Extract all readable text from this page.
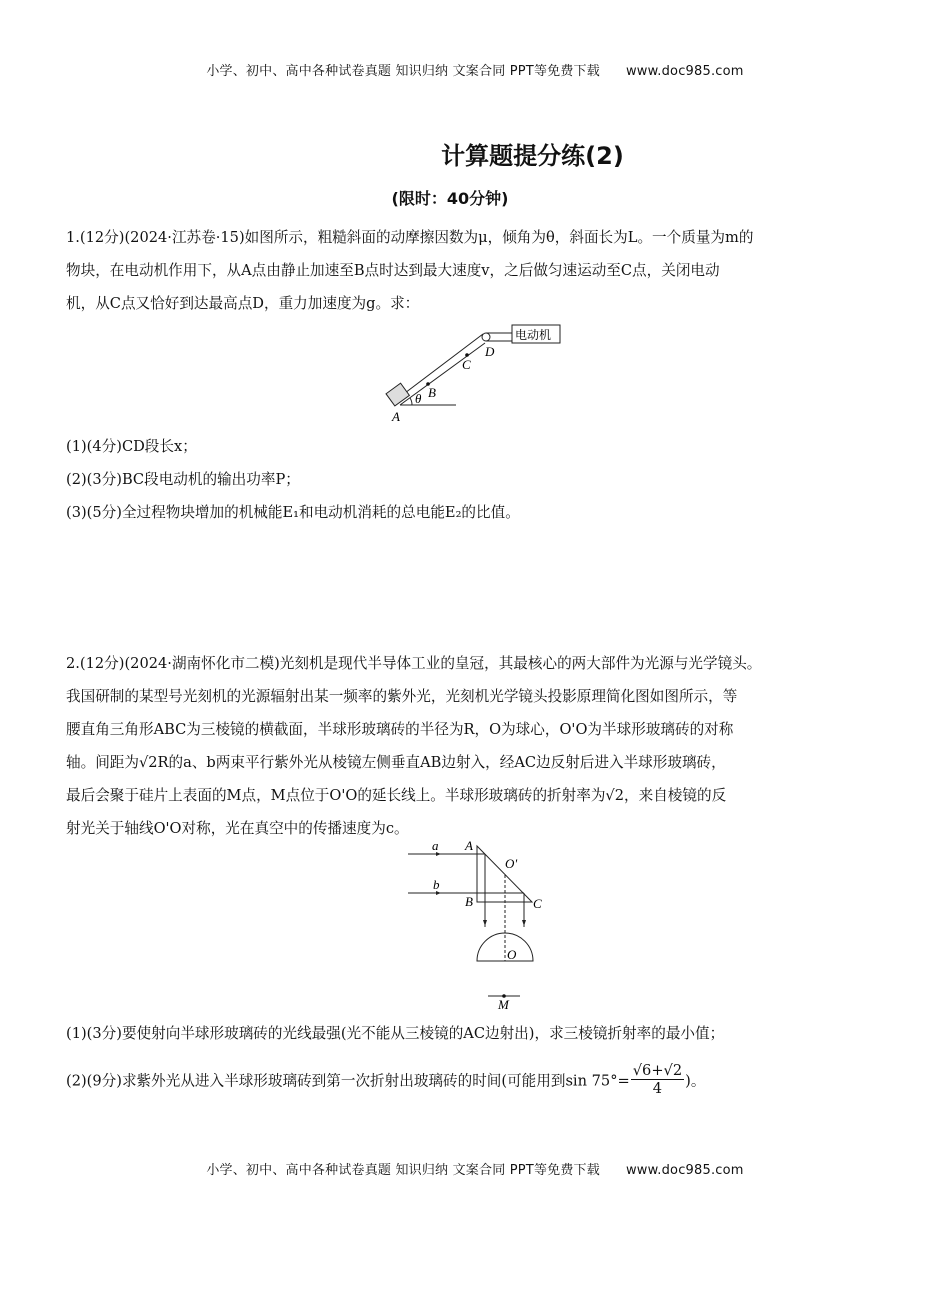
小学、初中、高中各种试卷真题 知识归纳 文案合同 PPT等免费下载 www.doc985.com
计算题提分练(2)
(限时：40分钟)
1.(12分)(2024·江苏卷·15)如图所示，粗糙斜面的动摩擦因数为μ，倾角为θ，斜面长为L。一个质量为m的
物块，在电动机作用下，从A点由静止加速至B点时达到最大速度v，之后做匀速运动至C点，关闭电动
机，从C点又恰好到达最高点D，重力加速度为g。求：
电动机
A
B
C
D
θ
(1)(4分)CD段长x；
(2)(3分)BC段电动机的输出功率P；
(3)(5分)全过程物块增加的机械能E₁和电动机消耗的总电能E₂的比值。
2.(12分)(2024·湖南怀化市二模)光刻机是现代半导体工业的皇冠，其最核心的两大部件为光源与光学镜头。
我国研制的某型号光刻机的光源辐射出某一频率的紫外光，光刻机光学镜头投影原理简化图如图所示，等
腰直角三角形ABC为三棱镜的横截面，半球形玻璃砖的半径为R，O为球心，O'O为半球形玻璃砖的对称
轴。间距为√2R的a、b两束平行紫外光从棱镜左侧垂直AB边射入，经AC边反射后进入半球形玻璃砖，
最后会聚于硅片上表面的M点，M点位于O'O的延长线上。半球形玻璃砖的折射率为√2，来自棱镜的反
射光关于轴线O'O对称，光在真空中的传播速度为c。
a
b
A
B	C
O'
O
M
(1)(3分)要使射向半球形玻璃砖的光线最强(光不能从三棱镜的AC边射出)，求三棱镜折射率的最小值；
(2)(9分)求紫外光从进入半球形玻璃砖到第一次折射出玻璃砖的时间(可能用到$\sin 75^\circ= \frac{√6+√2}{4}$ )。
小学、初中、高中各种试卷真题 知识归纳 文案合同 PPT等免费下载 www.doc985.com
